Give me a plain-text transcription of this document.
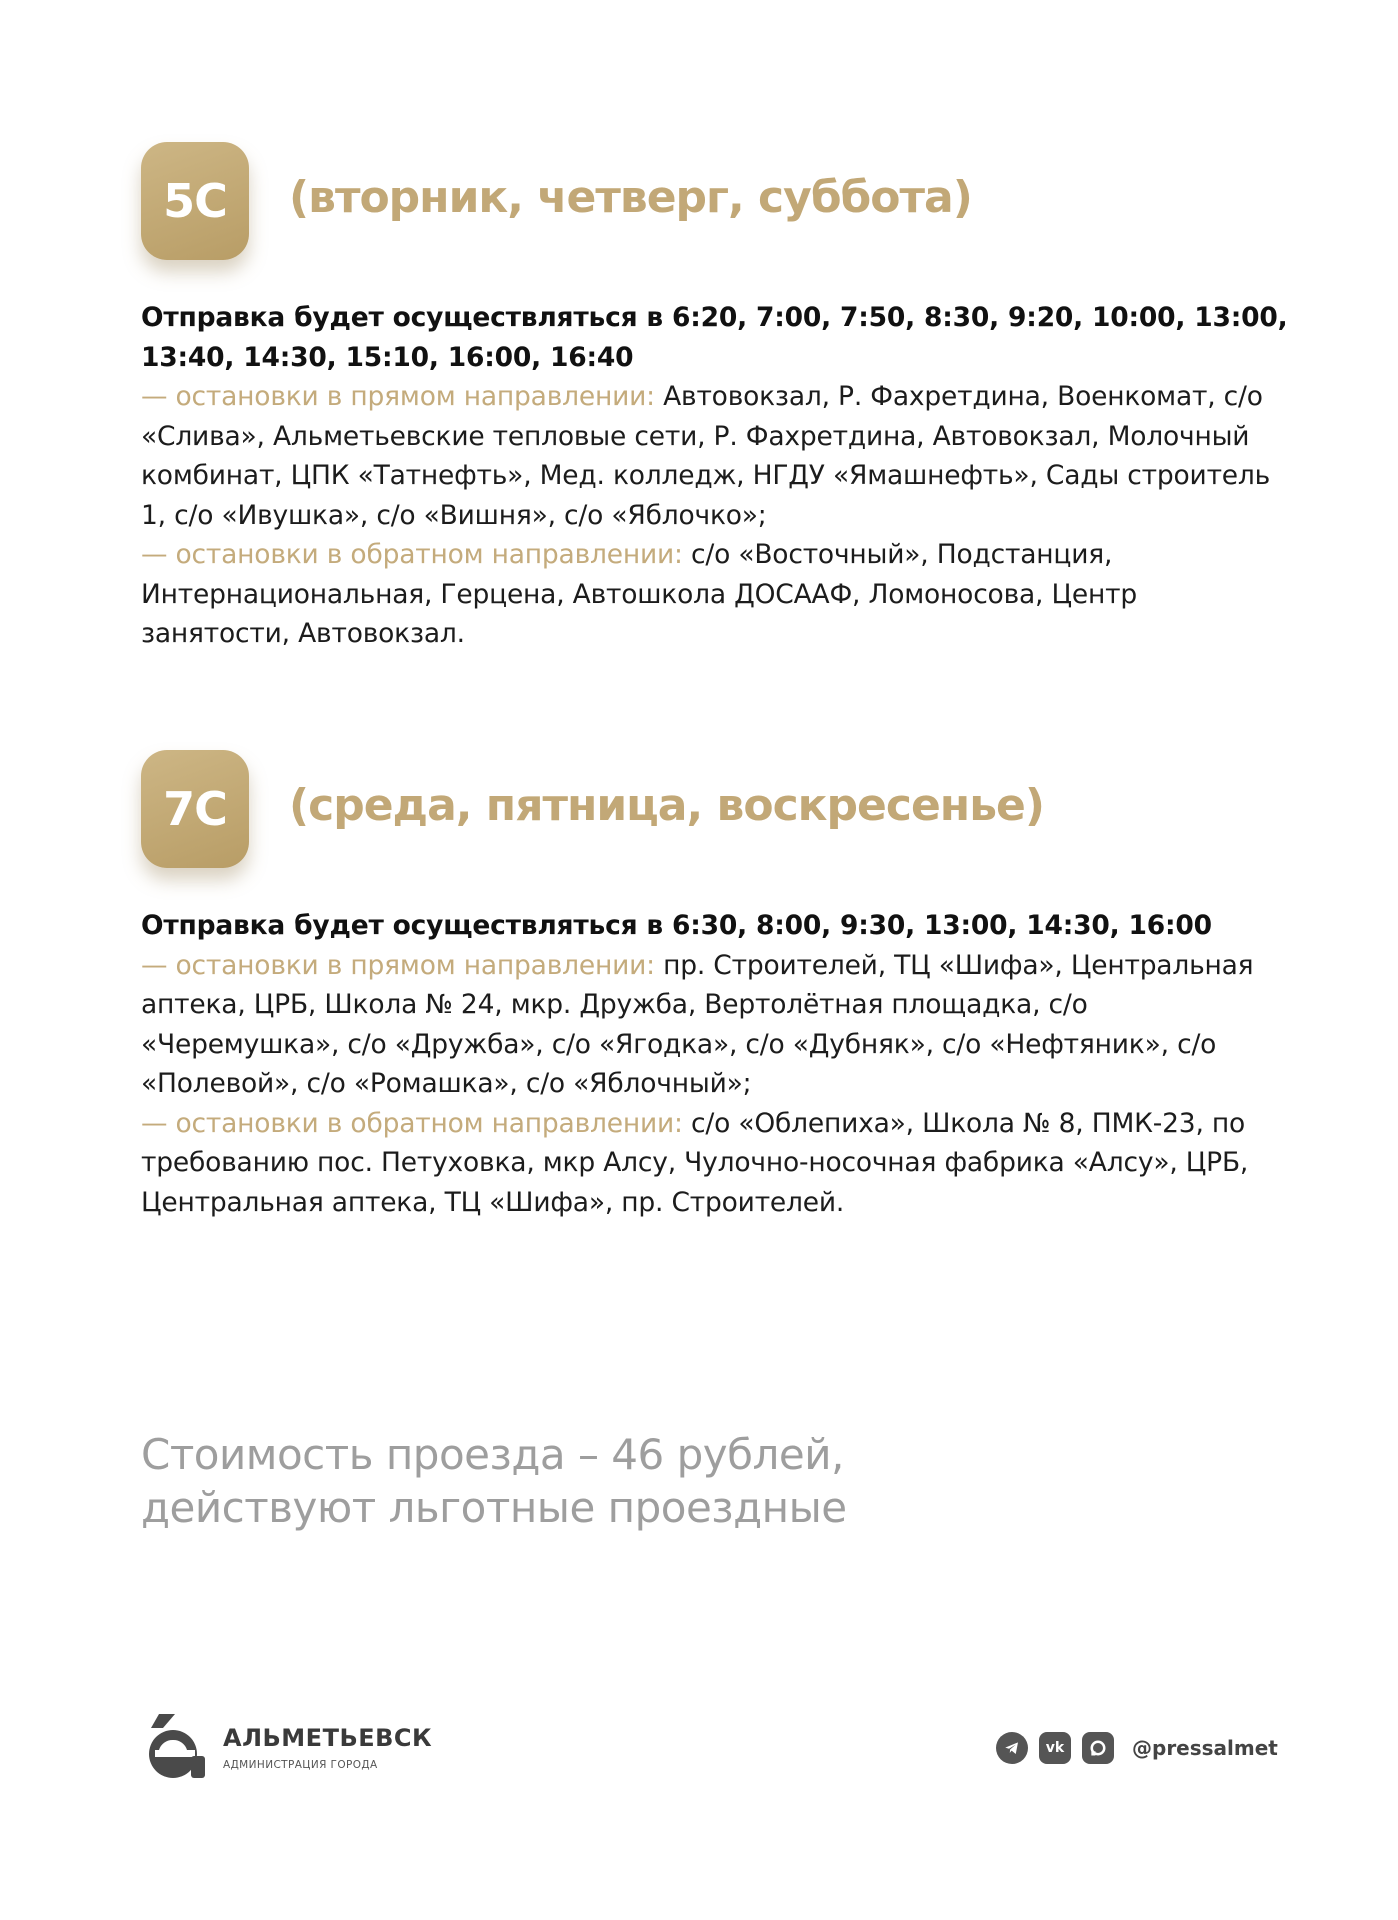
5С	(вторник, четверг, суббота)

Отправка будет осуществляться в 6:20, 7:00, 7:50, 8:30, 9:20, 10:00, 13:00, 13:40, 14:30, 15:10, 16:00, 16:40

— остановки в прямом направлении: Автовокзал, Р. Фахретдина, Военкомат, с/о «Слива», Альметьевские тепловые сети, Р. Фахретдина, Автовокзал, Молочный комбинат, ЦПК «Татнефть», Мед. колледж, НГДУ «Ямашнефть», Сады строитель 1, с/о «Ивушка», с/о «Вишня», с/о «Яблочко»;

— остановки в обратном направлении: с/о «Восточный», Подстанция, Интернациональная, Герцена, Автошкола ДОСААФ, Ломоносова, Центр занятости, Автовокзал.

7С	(среда, пятница, воскресенье)

Отправка будет осуществляться в 6:30, 8:00, 9:30, 13:00, 14:30, 16:00

— остановки в прямом направлении: пр. Строителей, ТЦ «Шифа», Центральная аптека, ЦРБ, Школа № 24, мкр. Дружба, Вертолётная площадка, с/о «Черемушка», с/о «Дружба», с/о «Ягодка», с/о «Дубняк», с/о «Нефтяник», с/о «Полевой», с/о «Ромашка», с/о «Яблочный»;

— остановки в обратном направлении: с/о «Облепиха», Школа № 8, ПМК-23, по требованию пос. Петуховка, мкр Алсу, Чулочно-носочная фабрика «Алсу», ЦРБ, Центральная аптека, ТЦ «Шифа», пр. Строителей.

Стоимость проезда – 46 рублей,
действуют льготные проездные
АЛЬМЕТЬЕВСК
АДМИНИСТРАЦИЯ ГОРОДА
vk	@pressalmet
